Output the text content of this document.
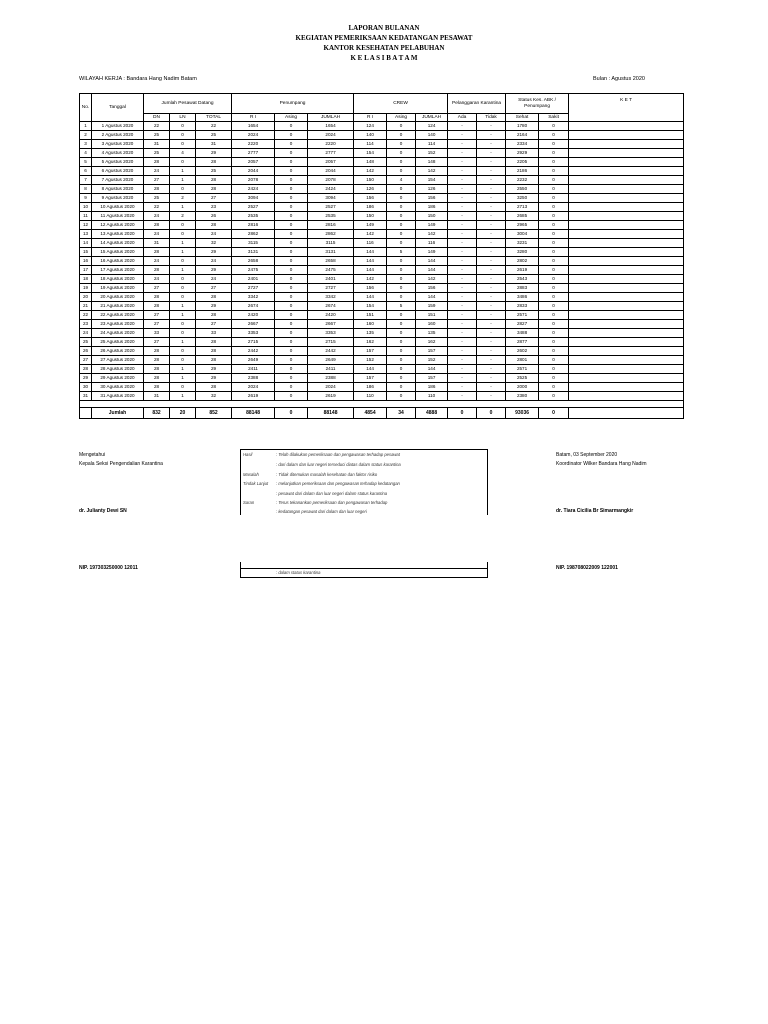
LAPORAN BULANAN
KEGIATAN PEMERIKSAAN KEDATANGAN PESAWAT
KANTOR KESEHATAN PELABUHAN
K E L A S I B A T A M
WILAYAH KERJA : Bandara Hang Nadim Batam	Bulan : Agustus 2020
No.	Tanggal	Jumlah Pesawat Datang			Penumpang			CREW			Pelanggaran Karantina		Status Kes. ABK / Penumpang		K E T
		DN	LN	TOTAL	R I	Asing	JUMLAH	R I	Asing	JUMLAH	Ada	Tidak	Sehat	Sakit	
1	1 Agustus 2020	22	0	22	1654	0	1654	124	0	124	-	-	1780	0	
2	2 Agustus 2020	25	0	25	2024	0	2024	140	0	140	-	-	2164	0	
3	3 Agustus 2020	31	0	31	2220	0	2220	114	0	114	-	-	2334	0	
4	4 Agustus 2020	25	4	29	2777	0	2777	154	0	152	-	-	2929	0	
5	5 Agustus 2020	28	0	28	2057	0	2057	148	0	148	-	-	2205	0	
6	6 Agustus 2020	24	1	25	2044	0	2044	142	0	142	-	-	2186	0	
7	7 Agustus 2020	27	1	28	2078	0	2078	150	4	154	-	-	2232	0	
8	8 Agustus 2020	28	0	28	2424	0	2424	126	0	126	-	-	2550	0	
9	9 Agustus 2020	25	2	27	3094	0	3094	156	0	156	-	-	3250	0	
10	10 Agustus 2020	22	1	23	2527	0	2527	186	0	186	-	-	2713	0	
11	11 Agustus 2020	24	2	26	2535	0	2535	150	0	150	-	-	2685	0	
12	12 Agustus 2020	28	0	28	2816	0	2816	149	0	149	-	-	2965	0	
13	13 Agustus 2020	24	0	24	2862	0	2862	142	0	142	-	-	3004	0	
14	14 Agustus 2020	31	1	32	3115	0	3115	116	0	116	-	-	3231	0	
15	15 Agustus 2020	28	1	29	3131	0	3131	144	5	149	-	-	3280	0	
16	16 Agustus 2020	24	0	24	2658	0	2658	144	0	144	-	-	2802	0	
17	17 Agustus 2020	28	1	29	2475	0	2475	144	0	144	-	-	2619	0	
18	18 Agustus 2020	24	0	24	2401	0	2401	142	0	142	-	-	2543	0	
19	19 Agustus 2020	27	0	27	2727	0	2727	156	0	156	-	-	2883	0	
20	20 Agustus 2020	28	0	28	3342	0	3342	144	0	144	-	-	3486	0	
21	21 Agustus 2020	28	1	29	2674	0	2674	154	5	159	-	-	2833	0	
22	22 Agustus 2020	27	1	28	2420	0	2420	151	0	151	-	-	2571	0	
23	23 Agustus 2020	27	0	27	2667	0	2667	160	0	160	-	-	2827	0	
24	24 Agustus 2020	33	0	33	3353	0	3353	135	0	135	-	-	3488	0	
25	25 Agustus 2020	27	1	28	2715	0	2715	162	0	162	-	-	2877	0	
26	26 Agustus 2020	28	0	28	2442	0	2442	157	0	157	-	-	2602	0	
27	27 Agustus 2020	28	0	28	2649	0	2649	152	0	152	-	-	2801	0	
28	28 Agustus 2020	28	1	29	2411	0	2411	144	0	144	-	-	2571	0	
29	29 Agustus 2020	28	1	29	2388	0	2388	157	0	157	-	-	2525	0	
30	30 Agustus 2020	28	0	28	2024	0	2024	186	0	186	-	-	2000	0	
31	31 Agustus 2020	31	1	32	2619	0	2619	110	0	110	-	-	2380	0	

	Jumlah	832	20	852	88148	0	88148	4854	34	4888	0	0	93036	0	
Mengetahui
Kepala Seksi Pengendalian Karantina
dr. Julianty Dewi SN
NIP. 197303250000 12011
Batam, 03 September 2020
Koordinator Wilker Bandara Hang Nadim
dr. Tiara Cicilia Br Simarmangkir
NIP. 198708022009 122001
Hasil	: Telah dilakukan pemeriksaan dan pengawasan terhadap pesawat
: dari dalam dan luar negeri terseduci diatas dalam status karantina
Masalah	: Tidak ditemukan masalah kesehatan dan faktor risiko
Tindak Lanjut : melanjutkan pemeriksaan dan pengawasan terhadap kedatangan
: pesawat dari dalam dan luar negeri dalam status karantina
Saran	: Terus tekanankan pemeriksaan dan pengawasan terhadap
: kedatangan pesawat dari dalam dan luar negeri
: dalam status karantina
